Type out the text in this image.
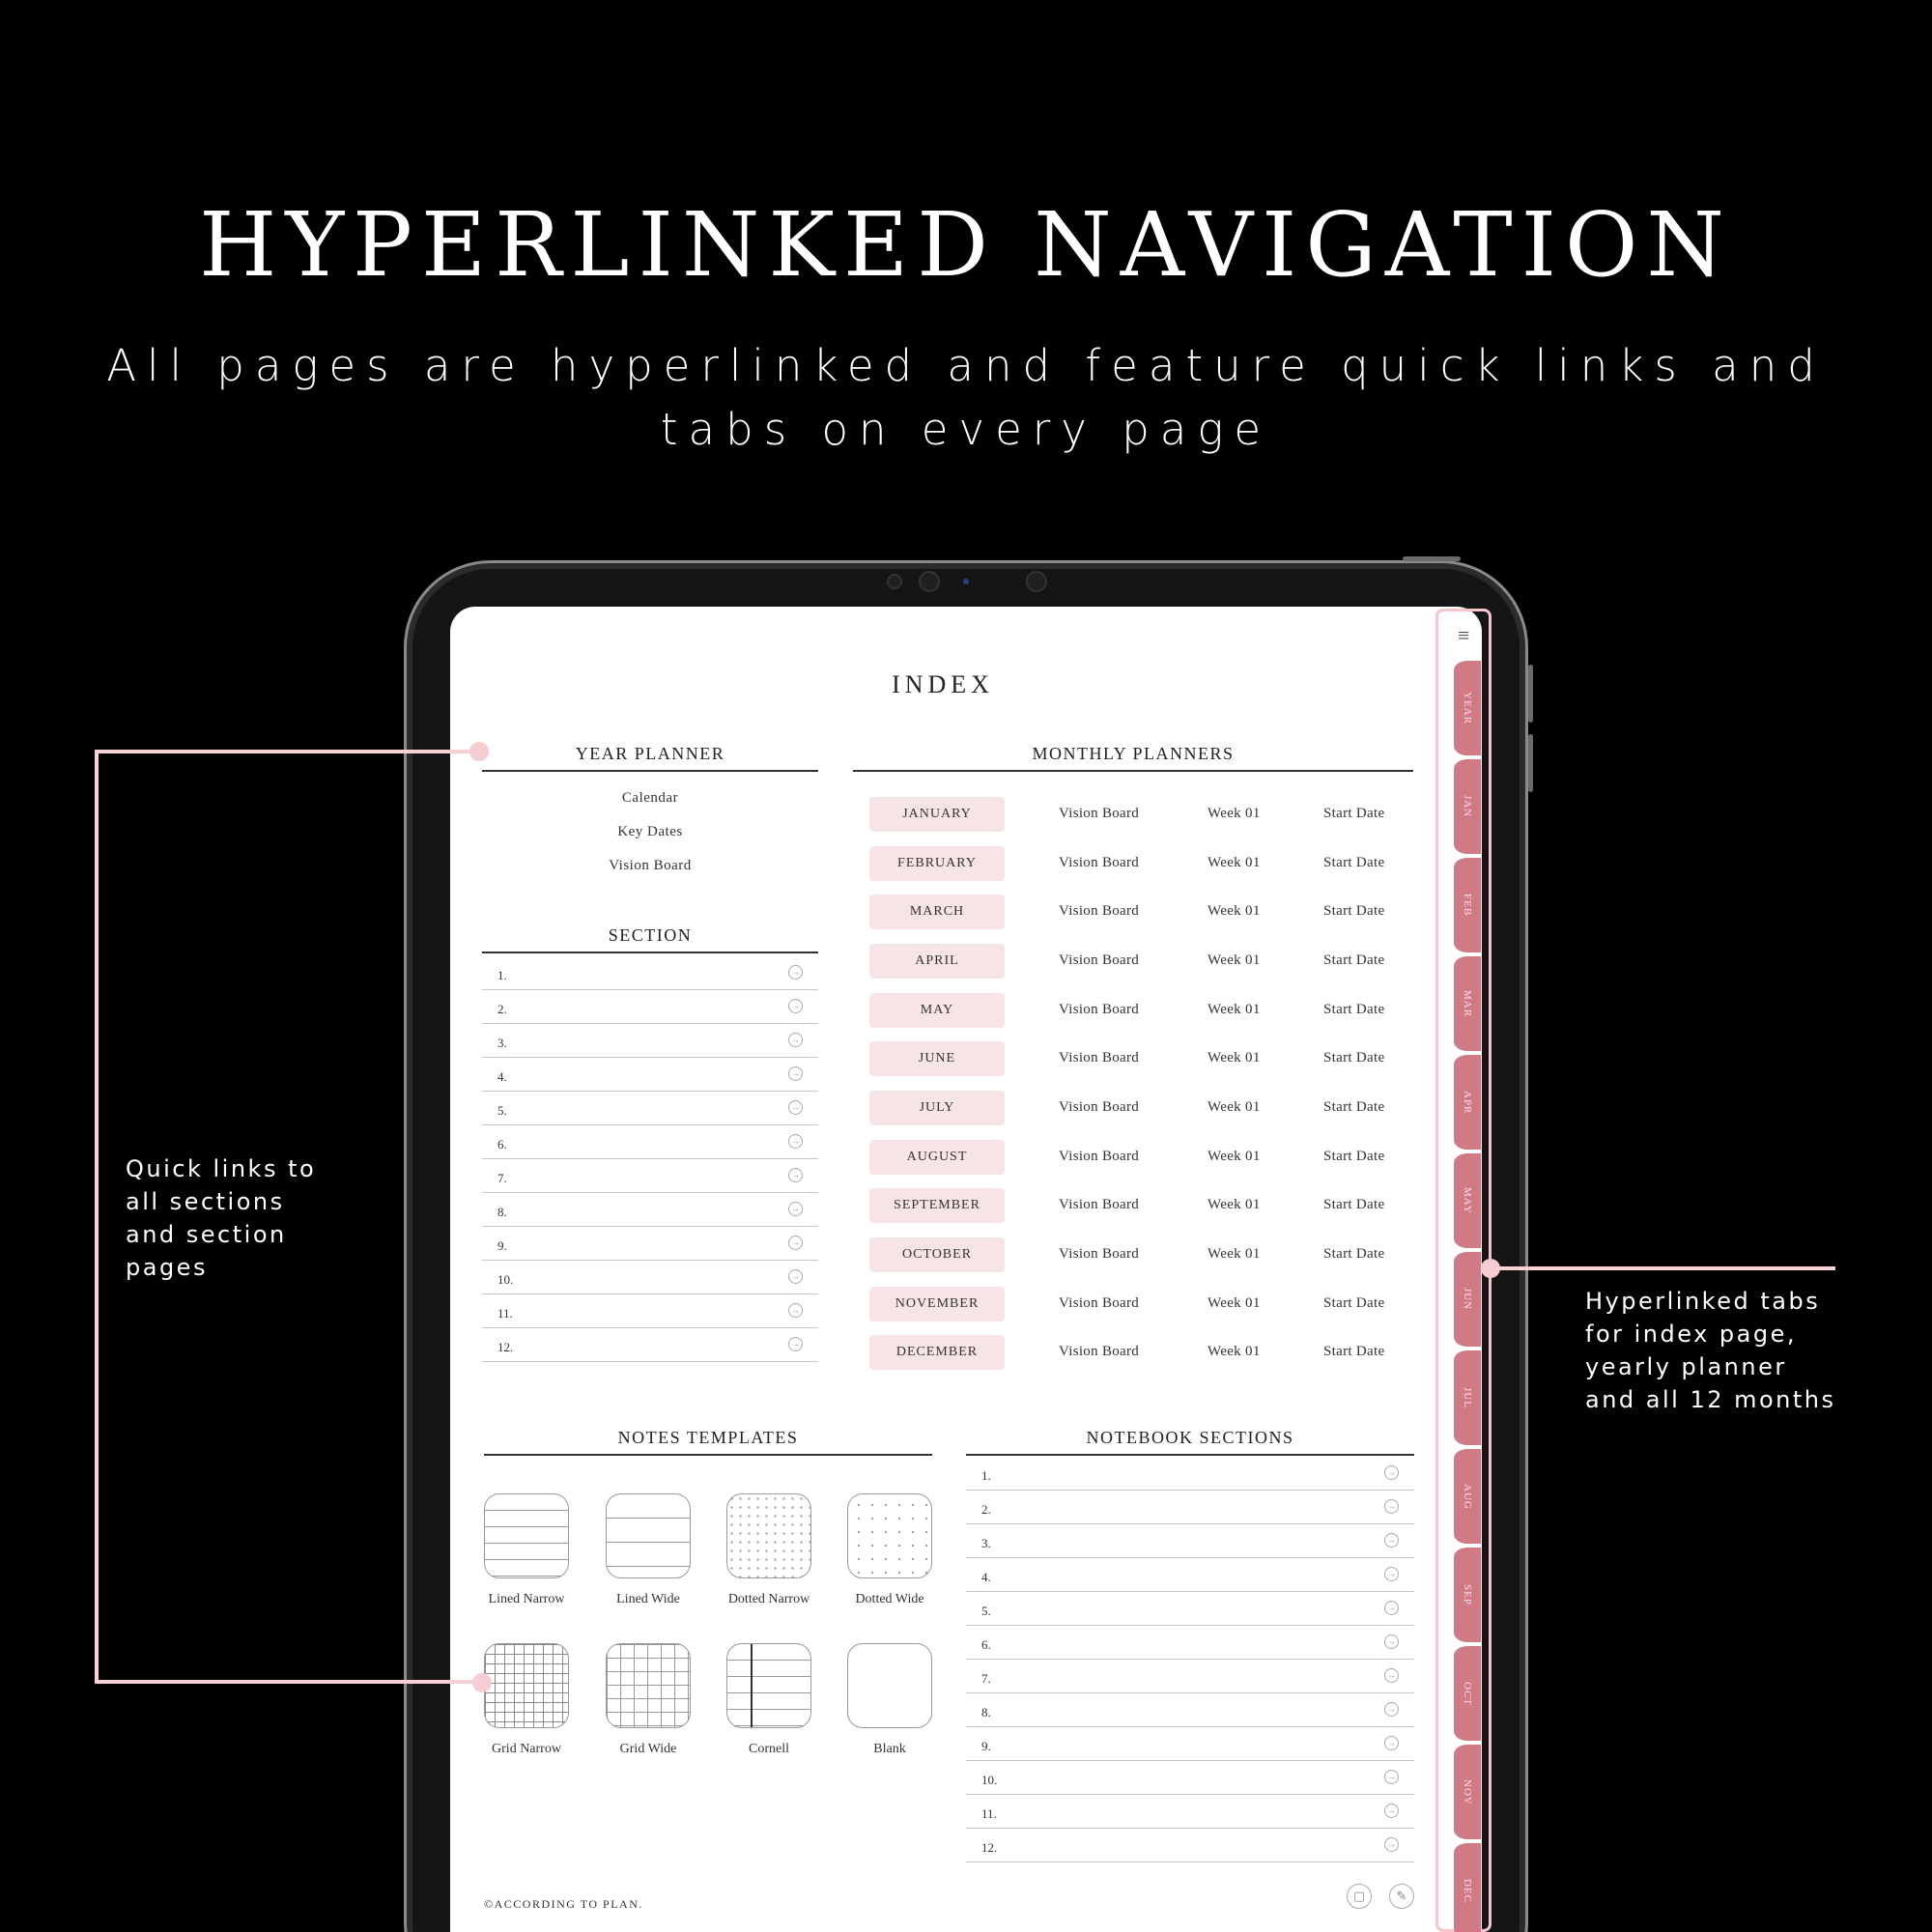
HYPERLINKED NAVIGATION
All pages are hyperlinked and feature quick links and
tabs on every page
INDEX
YEAR PLANNER
Calendar
Key Dates
Vision Board
SECTION
1.	→
2.	→
3.	→
4.	→
5.	→
6.	→
7.	→
8.	→
9.	→
10.	→
11.	→
12.	→
MONTHLY PLANNERS
JANUARY	Vision Board	Week 01	Start Date
FEBRUARY	Vision Board	Week 01	Start Date
MARCH	Vision Board	Week 01	Start Date
APRIL	Vision Board	Week 01	Start Date
MAY	Vision Board	Week 01	Start Date
JUNE	Vision Board	Week 01	Start Date
JULY	Vision Board	Week 01	Start Date
AUGUST	Vision Board	Week 01	Start Date
SEPTEMBER	Vision Board	Week 01	Start Date
OCTOBER	Vision Board	Week 01	Start Date
NOVEMBER	Vision Board	Week 01	Start Date
DECEMBER	Vision Board	Week 01	Start Date
NOTES TEMPLATES
Lined Narrow	Lined Wide	Dotted Narrow	Dotted Wide
Grid Narrow	Grid Wide	Cornell	Blank
NOTEBOOK SECTIONS
1.	→
2.	→
3.	→
4.	→
5.	→
6.	→
7.	→
8.	→
9.	→
10.	→
11.	→
12.	→
©ACCORDING TO PLAN.
▢	✎
≡
YEAR
JAN
FEB
MAR
APR
MAY
JUN
JUL
AUG
SEP
OCT
NOV
DEC
Quick links to
all sections
and section
pages
Hyperlinked tabs
for index page,
yearly planner
and all 12 months
